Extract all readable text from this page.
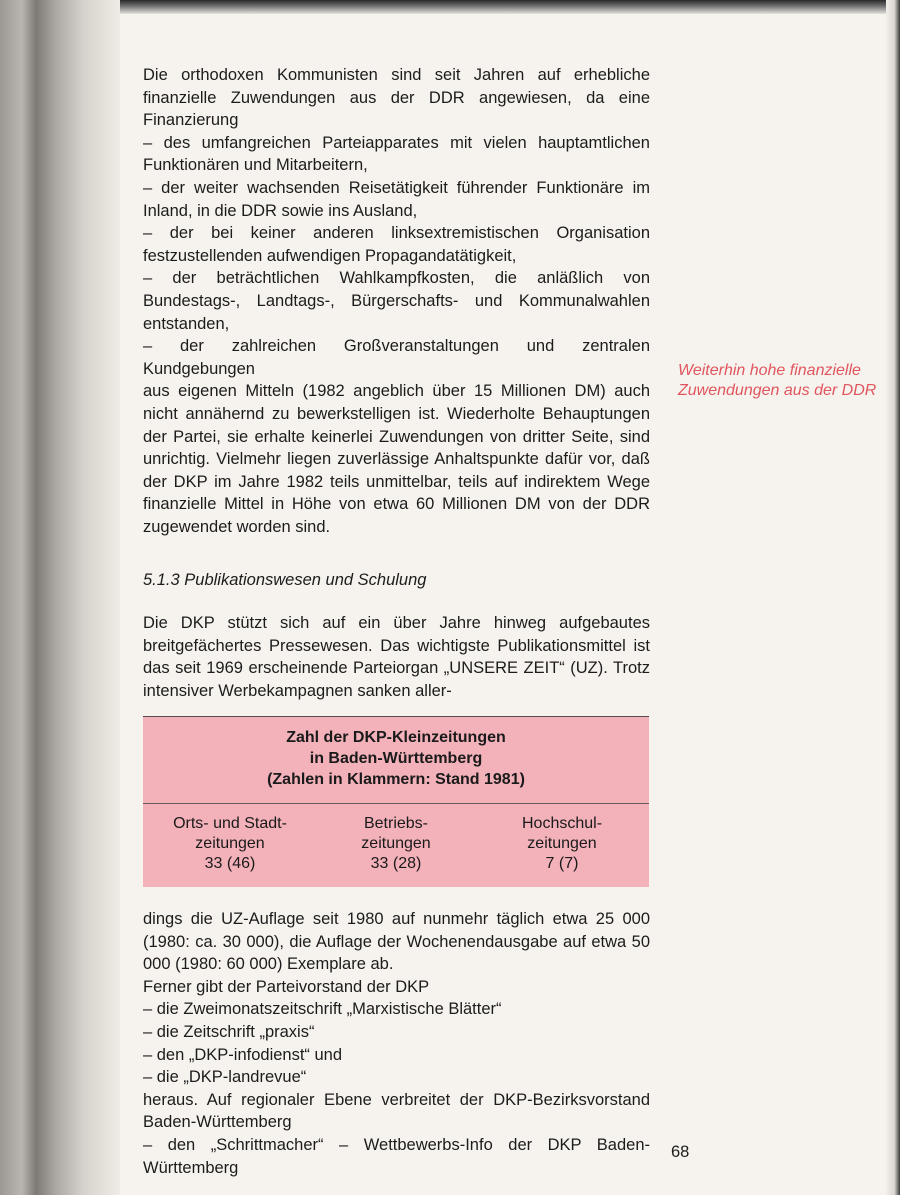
Die orthodoxen Kommunisten sind seit Jahren auf erhebliche finanzielle Zuwendungen aus der DDR angewiesen, da eine Finanzierung

– des umfangreichen Parteiapparates mit vielen hauptamtlichen Funktionären und Mitarbeitern,

– der weiter wachsenden Reisetätigkeit führender Funktionäre im Inland, in die DDR sowie ins Ausland,

– der bei keiner anderen linksextremistischen Organisation festzustellenden aufwendigen Propagandatätigkeit,

– der beträchtlichen Wahlkampfkosten, die anläßlich von Bundestags-, Landtags-, Bürgerschafts- und Kommunalwahlen entstanden,

– der zahlreichen Großveranstaltungen und zentralen Kundgebungen

aus eigenen Mitteln (1982 angeblich über 15 Millionen DM) auch nicht annähernd zu bewerkstelligen ist. Wiederholte Behauptungen der Partei, sie erhalte keinerlei Zuwendungen von dritter Seite, sind unrichtig. Vielmehr liegen zuverlässige Anhaltspunkte dafür vor, daß der DKP im Jahre 1982 teils unmittelbar, teils auf indirektem Wege finanzielle Mittel in Höhe von etwa 60 Millionen DM von der DDR zugewendet worden sind.

Weiterhin hohe finanzielle Zuwendungen aus der DDR
5.1.3 Publikationswesen und Schulung

Die DKP stützt sich auf ein über Jahre hinweg aufgebautes breitgefächertes Pressewesen. Das wichtigste Publikationsmittel ist das seit 1969 erscheinende Parteiorgan „UNSERE ZEIT“ (UZ). Trotz intensiver Werbekampagnen sanken aller-

Zahl der DKP-Kleinzeitungen
in Baden-Württemberg
(Zahlen in Klammern: Stand 1981)
Orts- und Stadt-
zeitungen
33 (46)
Betriebs-
zeitungen
33 (28)
Hochschul-
zeitungen
7 (7)

dings die UZ-Auflage seit 1980 auf nunmehr täglich etwa 25 000 (1980: ca. 30 000), die Auflage der Wochenendausgabe auf etwa 50 000 (1980: 60 000) Exemplare ab.

Ferner gibt der Parteivorstand der DKP

– die Zweimonatszeitschrift „Marxistische Blätter“

– die Zeitschrift „praxis“

– den „DKP-infodienst“ und

– die „DKP-landrevue“

heraus. Auf regionaler Ebene verbreitet der DKP-Bezirksvorstand Baden-Württemberg

– den „Schrittmacher“ – Wettbewerbs-Info der DKP Baden-Württemberg

68
